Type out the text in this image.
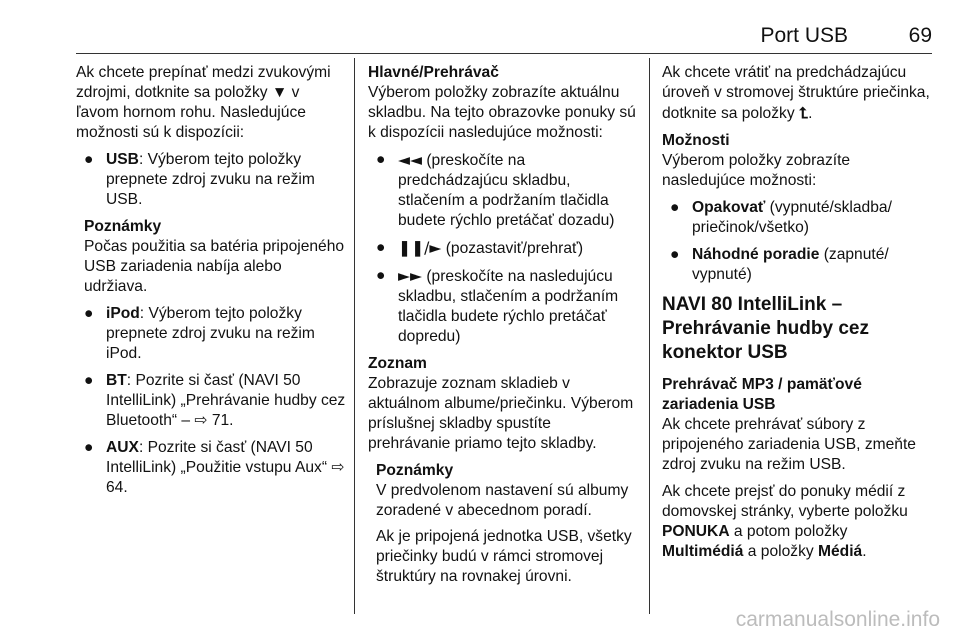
Port USB	69

Ak chcete prepínať medzi zvukovými zdrojmi, dotknite sa položky ▼ v ľavom hornom rohu. Nasledujúce možnosti sú k dispozícii:

● USB: Výberom tejto položky prepnete zdroj zvuku na režim USB.
Poznámky
Počas použitia sa batéria pripojeného USB zariadenia nabíja alebo udržiava.
● iPod: Výberom tejto položky prepnete zdroj zvuku na režim iPod.
● BT: Pozrite si časť (NAVI 50 IntelliLink) „Prehrávanie hudby cez Bluetooth“ – ⇨ 71.
● AUX: Pozrite si časť (NAVI 50 IntelliLink) „Použitie vstupu Aux“ ⇨ 64.
Hlavné/Prehrávač

Výberom položky zobrazíte aktuálnu skladbu. Na tejto obrazovke ponuky sú k dispozícii nasledujúce možnosti:

● ◄◄ (preskočíte na predchádzajúcu skladbu, stlačením a podržaním tlačidla budete rýchlo pretáčať dozadu)
● ❚❚/► (pozastaviť/prehrať)
● ►► (preskočíte na nasledujúcu skladbu, stlačením a podržaním tlačidla budete rýchlo pretáčať dopredu)
Zoznam

Zobrazuje zoznam skladieb v aktuálnom albume/priečinku. Výberom príslušnej skladby spustíte prehrávanie priamo tejto skladby.

Poznámky

V predvolenom nastavení sú albumy zoradené v abecednom poradí.

Ak je pripojená jednotka USB, všetky priečinky budú v rámci stromovej štruktúry na rovnakej úrovni.

Ak chcete vrátiť na predchádzajúcu úroveň v stromovej štruktúre priečinka, dotknite sa položky ⮤.

Možnosti

Výberom položky zobrazíte nasledujúce možnosti:

● Opakovať (vypnuté/skladba/ priečinok/všetko)
● Náhodné poradie (zapnuté/ vypnuté)
NAVI 80 IntelliLink – Prehrávanie hudby cez konektor USB
Prehrávač MP3 / pamäťové zariadenia USB

Ak chcete prehrávať súbory z pripojeného zariadenia USB, zmeňte zdroj zvuku na režim USB.

Ak chcete prejsť do ponuky médií z domovskej stránky, vyberte položku PONUKA a potom položky Multimédiá a položky Médiá.

carmanualsonline.info
